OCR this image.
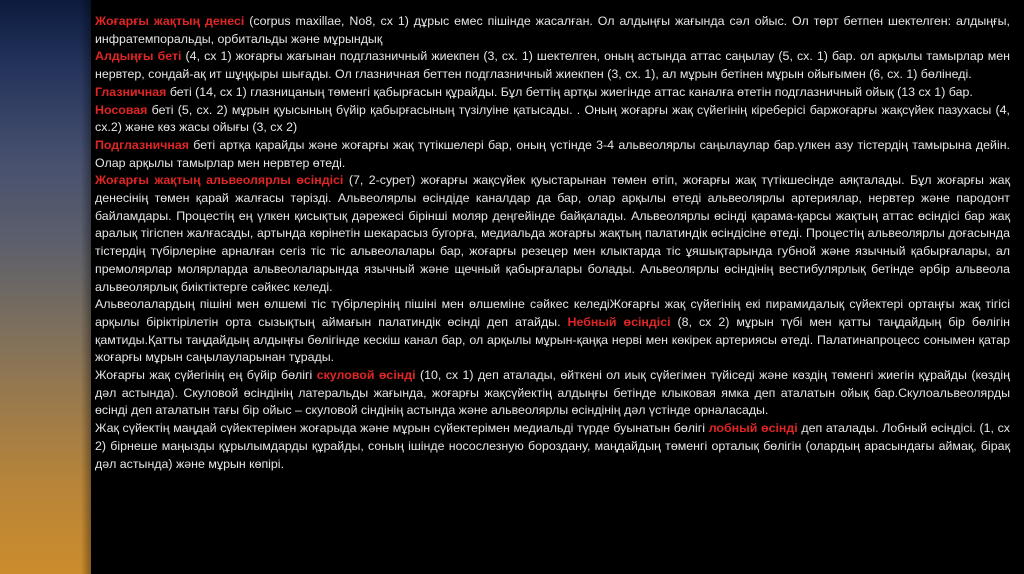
Жоғарғы жақтың денесі (corpus maxillae, No8, сх 1) дұрыс емес пішінде жасалған. Ол алдыңғы жағында сәл ойыс. Ол төрт бетпен шектелген: алдыңғы, инфратемпоральды, орбитальды және мұрындық

Алдыңғы беті (4, сх 1) жоғарғы жағынан подглазничный жиекпен (3, сх. 1) шектелген, оның астында аттас саңылау (5, сх. 1) бар. ол арқылы тамырлар мен нервтер, сондай-ақ ит шұңқыры шығады. Ол глазничная беттен подглазничный жиекпен (3, сх. 1), ал мұрын бетінен мұрын ойығымен (6, сх. 1) бөлінеді.

Глазничная беті (14, сх 1) глазницаның төменгі қабырғасын құрайды. Бұл беттің артқы жиегінде аттас каналға өтетін подглазничный ойық (13 сх 1) бар.

Носовая беті (5, сх. 2) мұрын қуысының бүйір қабырғасының түзілуіне қатысады. . Оның жоғарғы жақ сүйегінің кіреберісі баржоғарғы жақсүйек пазухасы (4, сх.2) және көз жасы ойығы (3, сх 2)

Подглазничная беті артқа қарайды және жоғарғы жақ түтікшелері бар, оның үстінде 3-4 альвеолярлы саңылаулар бар.үлкен азу тістердің тамырына дейін. Олар арқылы тамырлар мен нервтер өтеді.

Жоғарғы жақтың альвеолярлы өсіндісі (7, 2-сурет) жоғарғы жақсүйек қуыстарынан төмен өтіп, жоғарғы жақ түтікшесінде аяқталады. Бұл жоғарғы жақ денесінің төмен қарай жалғасы тәрізді. Альвеолярлы өсіндіде каналдар да бар, олар арқылы өтеді альвеолярлы артериялар, нервтер және пародонт байламдары. Процестің ең үлкен қисықтық дәрежесі бірінші моляр деңгейінде байқалады. Альвеолярлы өсінді қарама-қарсы жақтың аттас өсіндісі бар жақ аралық тігіспен жалғасады, артында көрінетін шекарасыз бугорға, медиальда жоғарғы жақтың палатиндік өсіндісіне өтеді. Процестің альвеолярлы доғасында тістердің түбірлеріне арналған сегіз тіс тіс альвеолалары бар, жоғарғы резецер мен клыктарда тіс ұяшықтарында губной және язычный қабырғалары, ал премолярлар молярларда альвеолаларында язычный және щечный қабырғалары болады. Альвеолярлы өсіндінің вестибулярлық бетінде әрбір альвеола альвеолярлық биіктіктерге сәйкес келеді.

Альвеолалардың пішіні мен өлшемі тіс түбірлерінің пішіні мен өлшеміне сәйкес келедіЖоғарғы жақ сүйегінің екі пирамидалық сүйектері ортаңғы жақ тігісі арқылы біріктірілетін орта сызықтың аймағын палатиндік өсінді деп атайды. Небный өсіндісі (8, сх 2) мұрын түбі мен қатты таңдайдың бір бөлігін қамтиды.Қатты таңдайдың алдыңғы бөлігінде кескіш канал бар, ол арқылы мұрын-қаңқа нерві мен көкірек артериясы өтеді. Палатинапроцесс сонымен қатар жоғарғы мұрын саңылауларынан тұрады.

Жоғарғы жақ сүйегінің ең бүйір бөлігі скуловой өсінді (10, сх 1) деп аталады, өйткені ол иық сүйегімен түйіседі және көздің төменгі жиегін құрайды (көздің дәл астында). Скуловой өсіндінің латеральды жағында, жоғарғы жақсүйектің алдыңғы бетінде клыковая ямка деп аталатын ойық бар.Скулоальвеолярды өсінді деп аталатын тағы бір ойыс – скуловой сіндінің астында және альвеолярлы өсіндінің дәл үстінде орналасады.

Жақ сүйектің маңдай сүйектерімен жоғарыда және мұрын сүйектерімен медиальді түрде буынатын бөлігі лобный өсінді деп аталады. Лобный өсіндісі. (1, сх 2) бірнеше маңызды құрылымдарды құрайды, соның ішінде носослезную бороздану, маңдайдың төменгі орталық бөлігін (олардың арасындағы аймақ, бірақ дәл астында) және мұрын көпірі.
